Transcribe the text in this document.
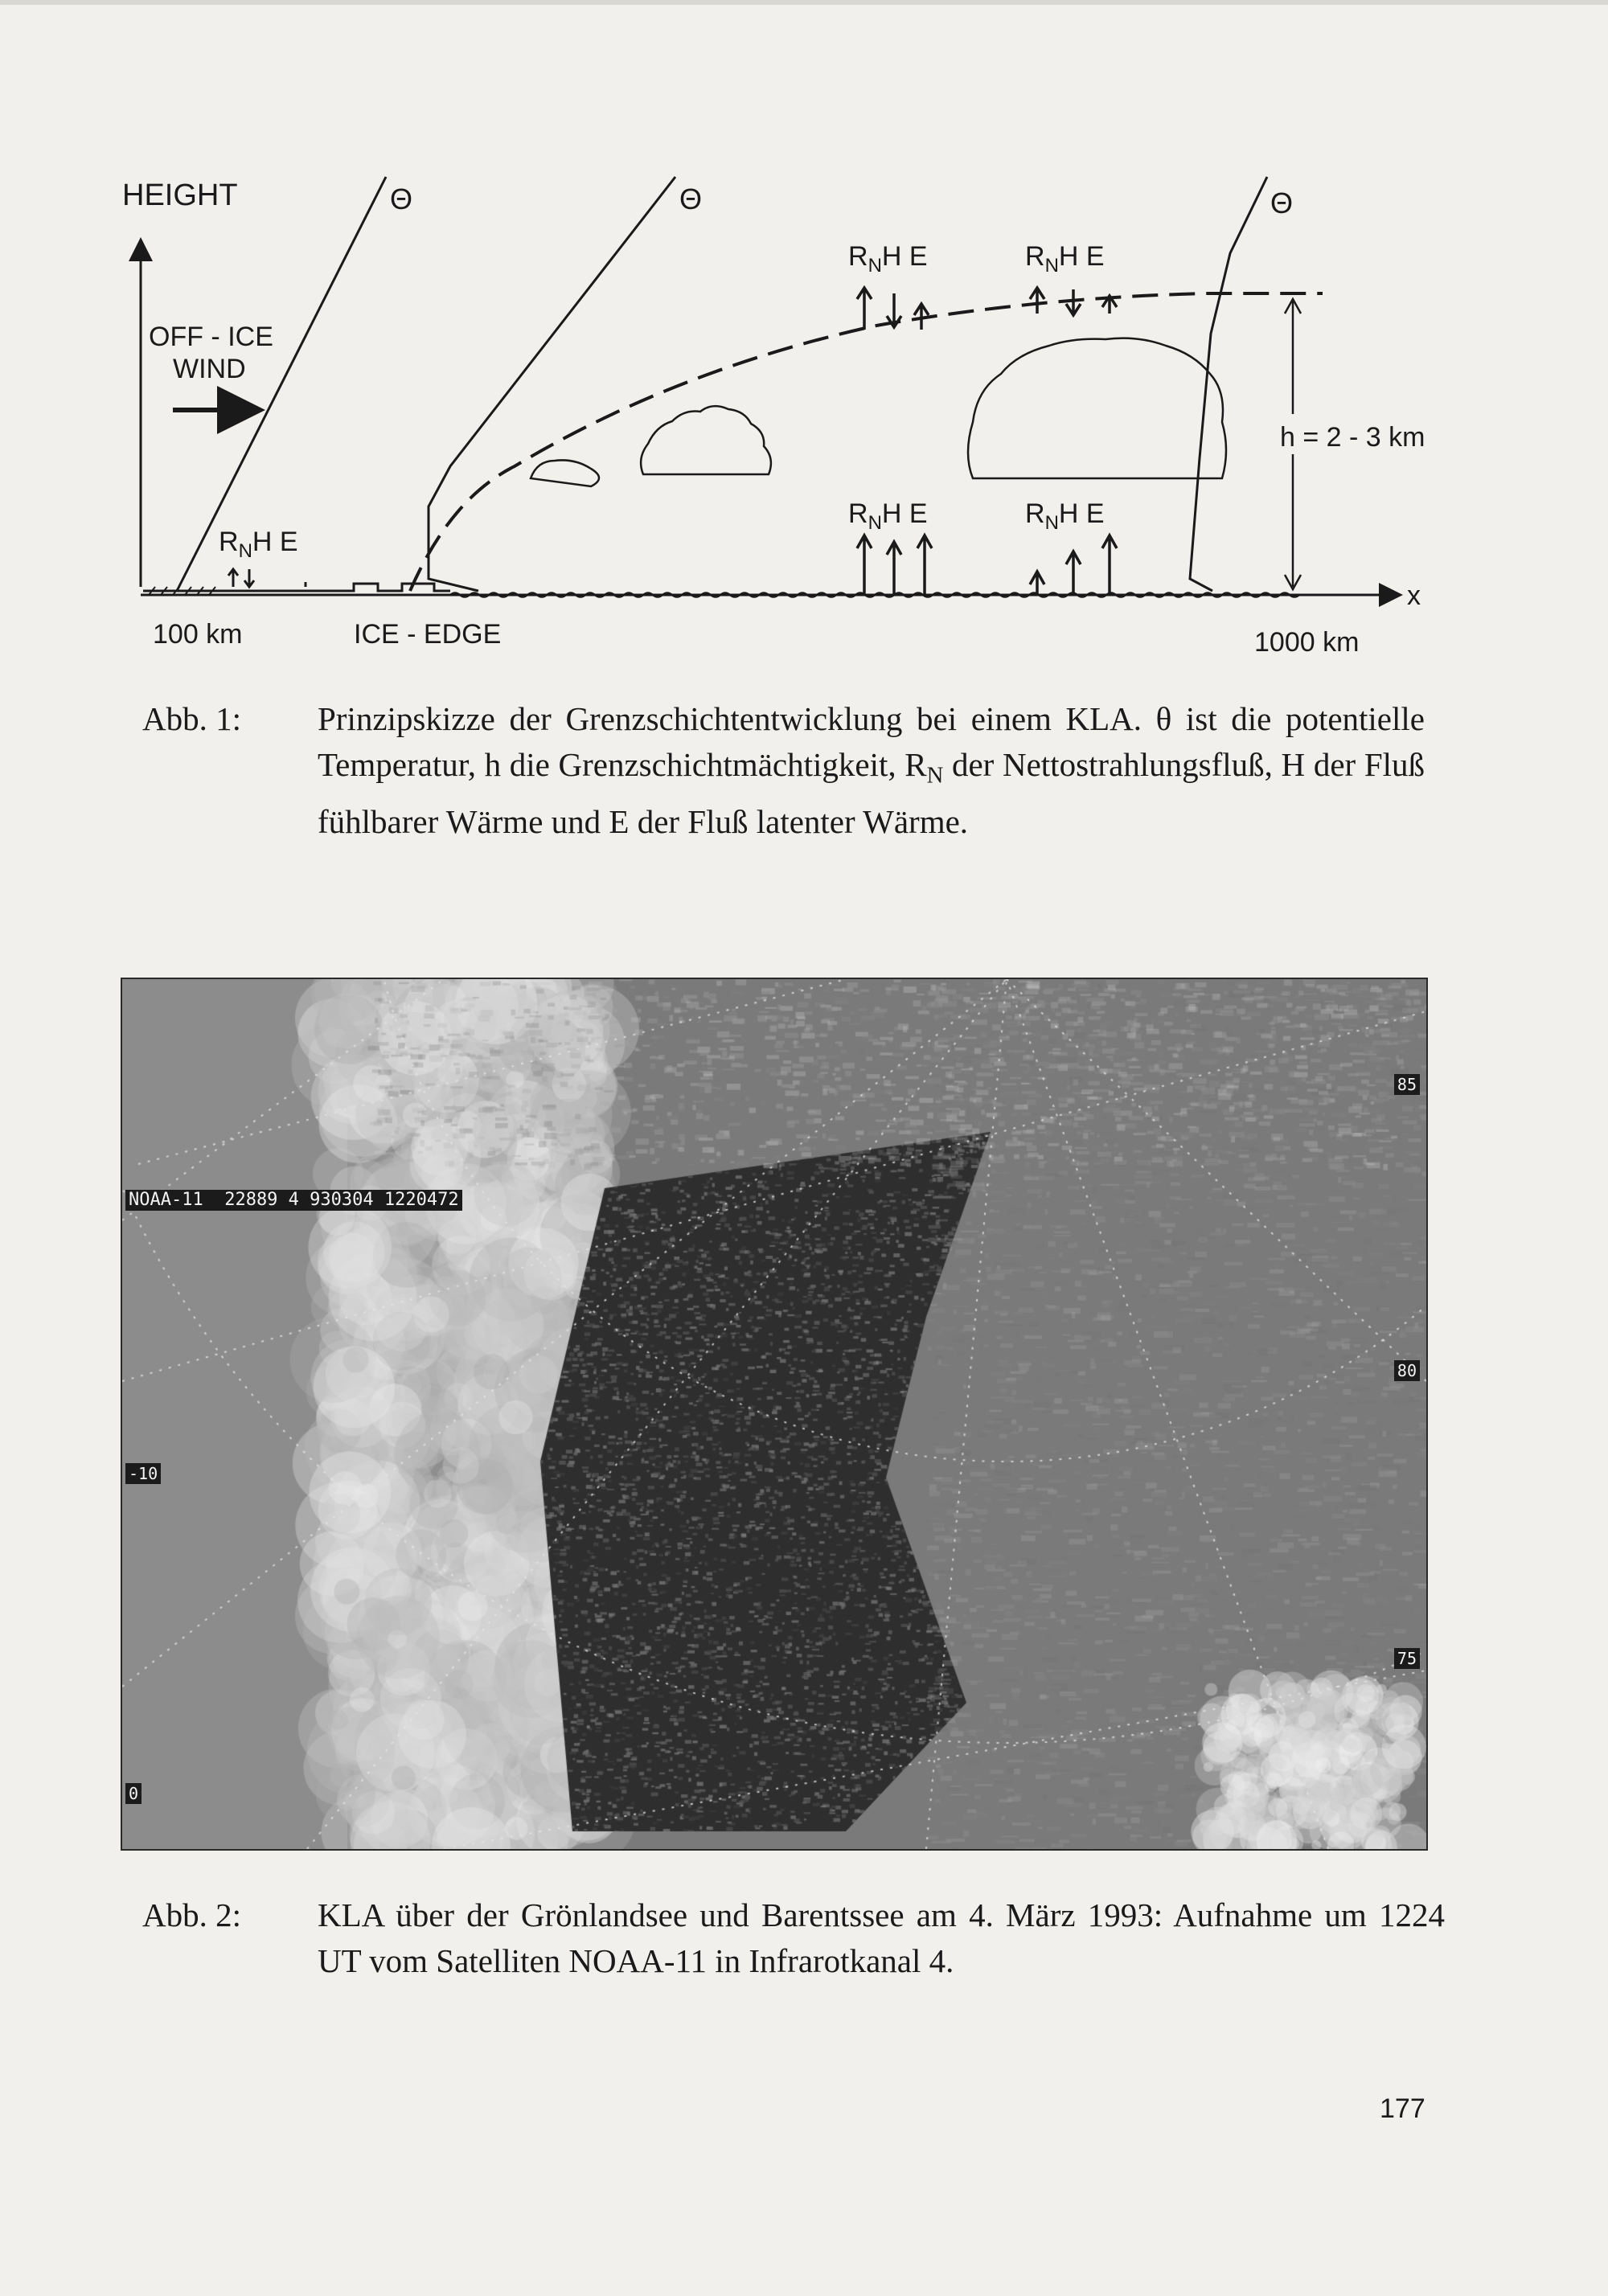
HEIGHT
x
Θ	Θ	Θ
h = 2 - 3 km
OFF - ICE
WIND
$R_NH$ E
$R_NH$ E	$R_NH$ E
$R_NH$ E	$R_NH$ E
100 km	ICE - EDGE	1000 km
Abb. 1:	Prinzipskizze der Grenzschichtentwicklung bei einem KLA. θ ist die potentielle Temperatur, h die Grenzschichtmächtigkeit, $R_N$ der Nettostrahlungsfluß, H der Fluß fühlbarer Wärme und E der Fluß latenter Wärme.
NOAA-11  22889 4 930304 1220472
-10
0
85
80
75
Abb. 2:	KLA über der Grönlandsee und Barentssee am 4. März 1993: Aufnahme um 1224 UT vom Satelliten NOAA-11 in Infrarotkanal 4.
177
